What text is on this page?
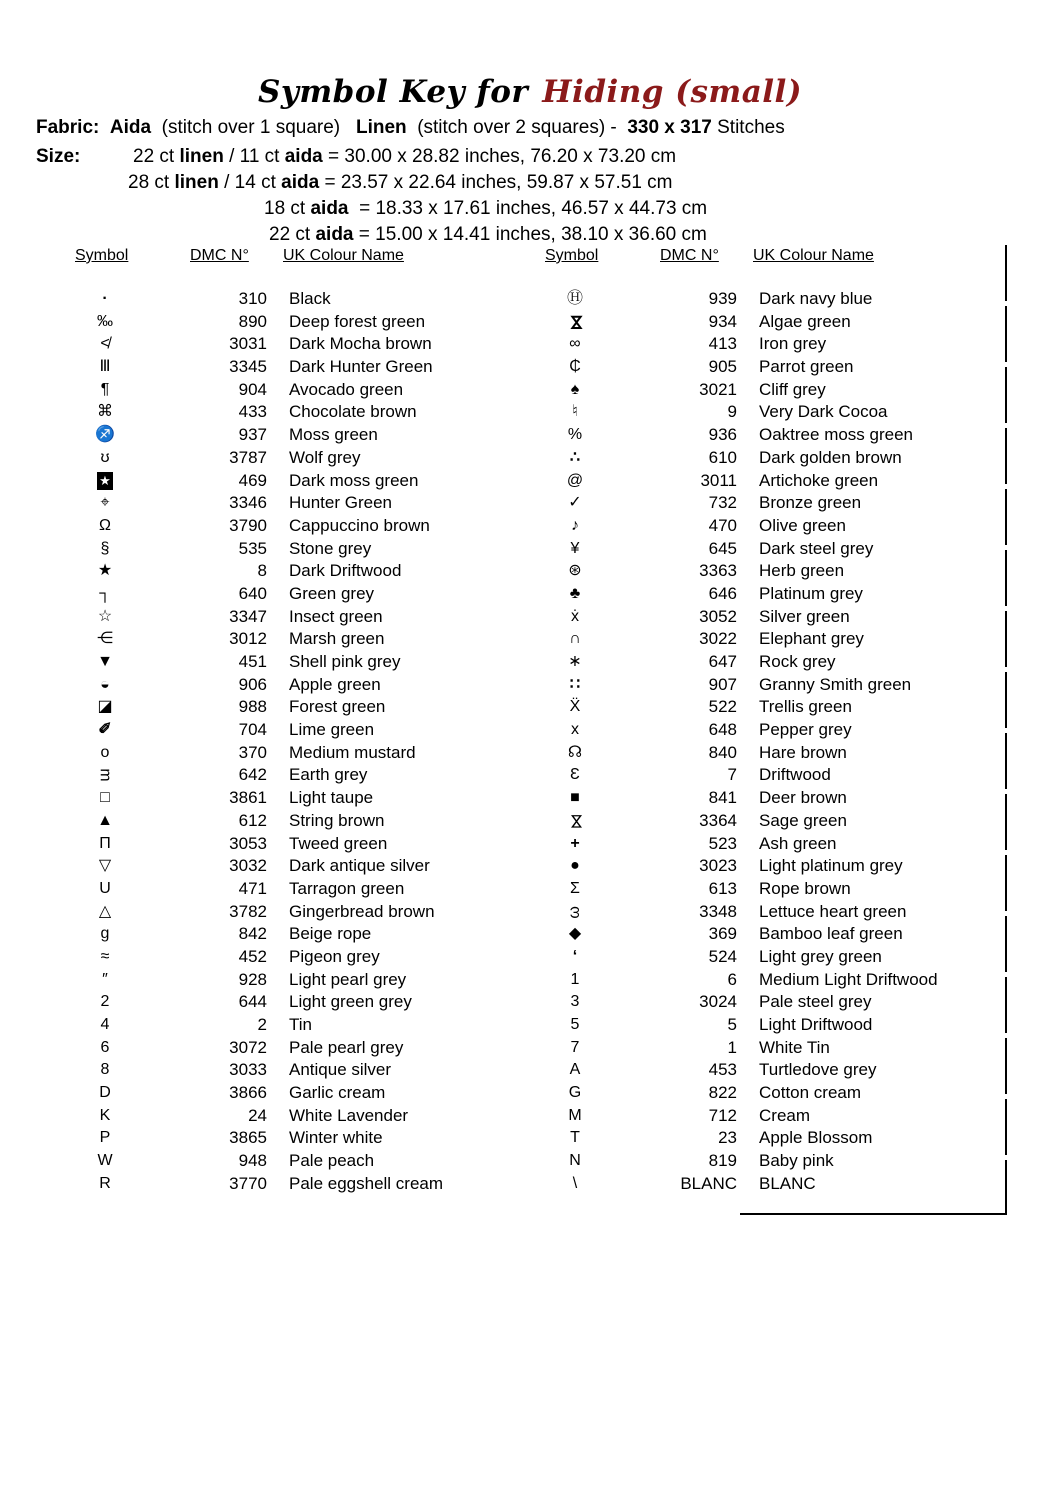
Symbol Key for Hiding (small)
Fabric: Aida  (stitch over 1 square)   Linen  (stitch over 2 squares) -  330 x 317 Stitches
Size:	22 ct linen / 11 ct aida = 30.00 x 28.82 inches, 76.20 x 73.20 cm
28 ct linen / 14 ct aida = 23.57 x 22.64 inches, 59.87 x 57.51 cm
18 ct aida  = 18.33 x 17.61 inches, 46.57 x 44.73 cm
22 ct aida = 15.00 x 14.41 inches, 38.10 x 36.60 cm
Symbol	DMC N° UK Colour Name	Symbol	DMC N° UK Colour Name
·	310	Black
‰	890	Deep forest green
≮	3031	Dark Mocha brown
Ⅲ	3345	Dark Hunter Green
¶	904	Avocado green
⌘	433	Chocolate brown
♐	937	Moss green
ʊ	3787	Wolf grey
★	469	Dark moss green
⌖	3346	Hunter Green
Ω	3790	Cappuccino brown
§	535	Stone grey
★	8	Dark Driftwood
┐	640	Green grey
☆	3347	Insect green
⋲	3012	Marsh green
▼	451	Shell pink grey
◒	906	Apple green
◪	988	Forest green
✐	704	Lime green
o	370	Medium mustard
ᴟ	642	Earth grey
□	3861	Light taupe
▲	612	String brown
Π	3053	Tweed green
▽	3032	Dark antique silver
U	471	Tarragon green
△	3782	Gingerbread brown
g	842	Beige rope
≈	452	Pigeon grey
″	928	Light pearl grey
2	644	Light green grey
4	2	Tin
6	3072	Pale pearl grey
8	3033	Antique silver
D	3866	Garlic cream
K	24	White Lavender
P	3865	Winter white
W	948	Pale peach
R	3770	Pale eggshell cream
Ⓗ	939	Dark navy blue
⋈	934	Algae green
∞	413	Iron grey
₵	905	Parrot green
♠	3021	Cliff grey
♮	9	Very Dark Cocoa
%	936	Oaktree moss green
∴	610	Dark golden brown
@	3011	Artichoke green
✓	732	Bronze green
♪	470	Olive green
¥	645	Dark steel grey
⊛	3363	Herb green
♣	646	Platinum grey
ẋ	3052	Silver green
∩	3022	Elephant grey
∗	647	Rock grey
∷	907	Granny Smith green
Ẍ	522	Trellis green
x	648	Pepper grey
☊	840	Hare brown
Ɛ	7	Driftwood
■	841	Deer brown
⋈	3364	Sage green
+	523	Ash green
●	3023	Light platinum grey
Σ	613	Rope brown
ω	3348	Lettuce heart green
◆	369	Bamboo leaf green
‘	524	Light grey green
1	6	Medium Light Driftwood
3	3024	Pale steel grey
5	5	Light Driftwood
7	1	White Tin
A	453	Turtledove grey
G	822	Cotton cream
M	712	Cream
T	23	Apple Blossom
N	819	Baby pink
\	BLANC	BLANC
